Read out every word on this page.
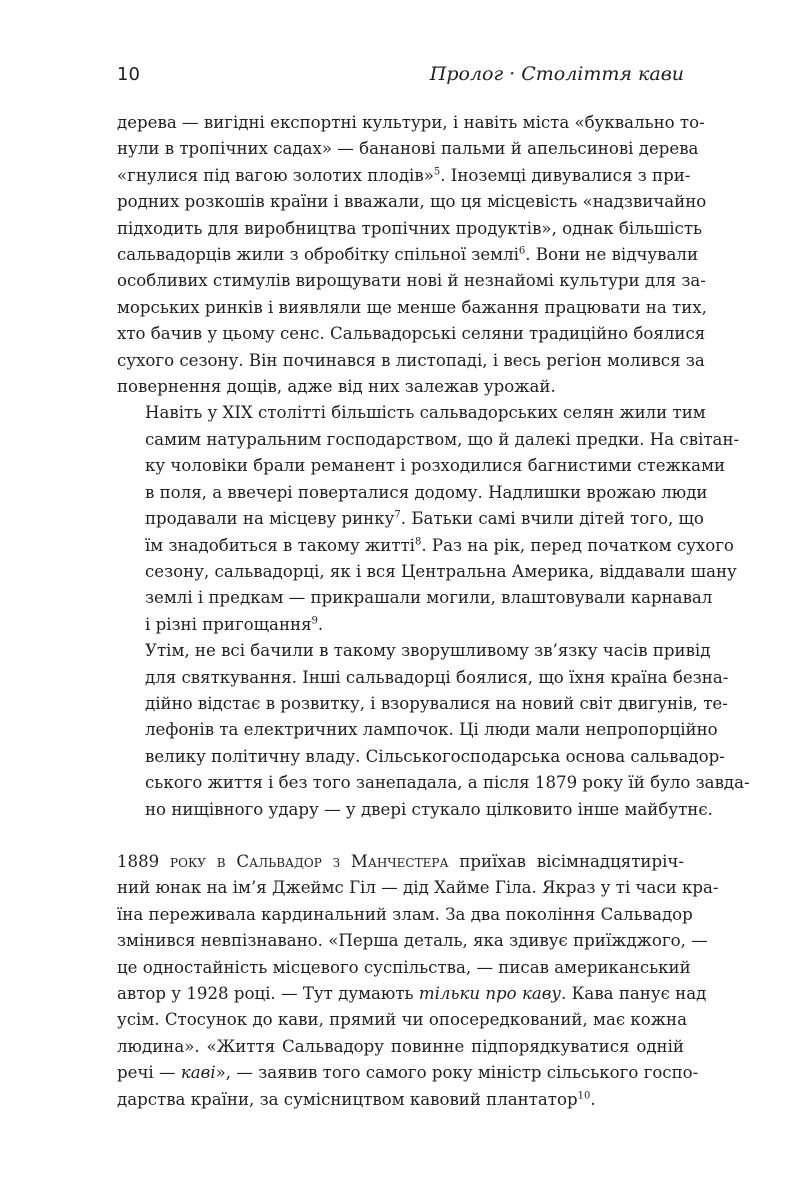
10	Пролог · Століття кави

дерева — вигідні експортні культури, і навіть міста «буквально то-
нули в тропічних садах» — бананові пальми й апельсинові дерева
«гнулися під вагою золотих плодів»$^5$. Іноземці дивувалися з при-
родних розкошів країни і вважали, що ця місцевість «надзвичайно
підходить для виробництва тропічних продуктів», однак більшість
сальвадорців жили з обробітку спільної землі$^6$. Вони не відчували
особливих стимулів вирощувати нові й незнайомі культури для за-
морських ринків і виявляли ще менше бажання працювати на тих,
хто бачив у цьому сенс. Сальвадорські селяни традиційно боялися
сухого сезону. Він починався в листопаді, і весь регіон молився за
повернення дощів, адже від них залежав урожай.

Навіть у XIX столітті більшість сальвадорських селян жили тим
самим натуральним господарством, що й далекі предки. На світан-
ку чоловіки брали реманент і розходилися багнистими стежками
в поля, а ввечері поверталися додому. Надлишки врожаю люди
продавали на місцеву ринку$^7$. Батьки самі вчили дітей того, що
їм знадобиться в такому житті$^8$. Раз на рік, перед початком сухого
сезону, сальвадорці, як і вся Центральна Америка, віддавали шану
землі і предкам — прикрашали могили, влаштовували карнавал
і різні пригощання$^9$.

Утім, не всі бачили в такому зворушливому зв’язку часів привід
для святкування. Інші сальвадорці боялися, що їхня країна безна-
дійно відстає в розвитку, і взорувалися на новий світ двигунів, те-
лефонів та електричних лампочок. Ці люди мали непропорційно
велику політичну владу. Сільськогосподарська основа сальвадор-
ського життя і без того занепадала, а після 1879 року їй було завда-
но нищівного удару — у двері стукало цілковито інше майбутнє.

1889 року в Сальвадор з Манчестера приїхав вісімнадцятиріч-
ний юнак на ім’я Джеймс Гіл — дід Хайме Гіла. Якраз у ті часи кра-
їна переживала кардинальний злам. За два покоління Сальвадор
змінився невпізнавано. «Перша деталь, яка здивує приїжджого, —
це одностайність місцевого суспільства, — писав американський
автор у 1928 році. — Тут думають тільки про каву. Кава панує над
усім. Стосунок до кави, прямий чи опосередкований, має кожна
людина». «Життя Сальвадору повинне підпорядкуватися одній
речі — каві», — заявив того самого року міністр сільського госпо-
дарства країни, за сумісництвом кавовий плантатор$^{10}$.
